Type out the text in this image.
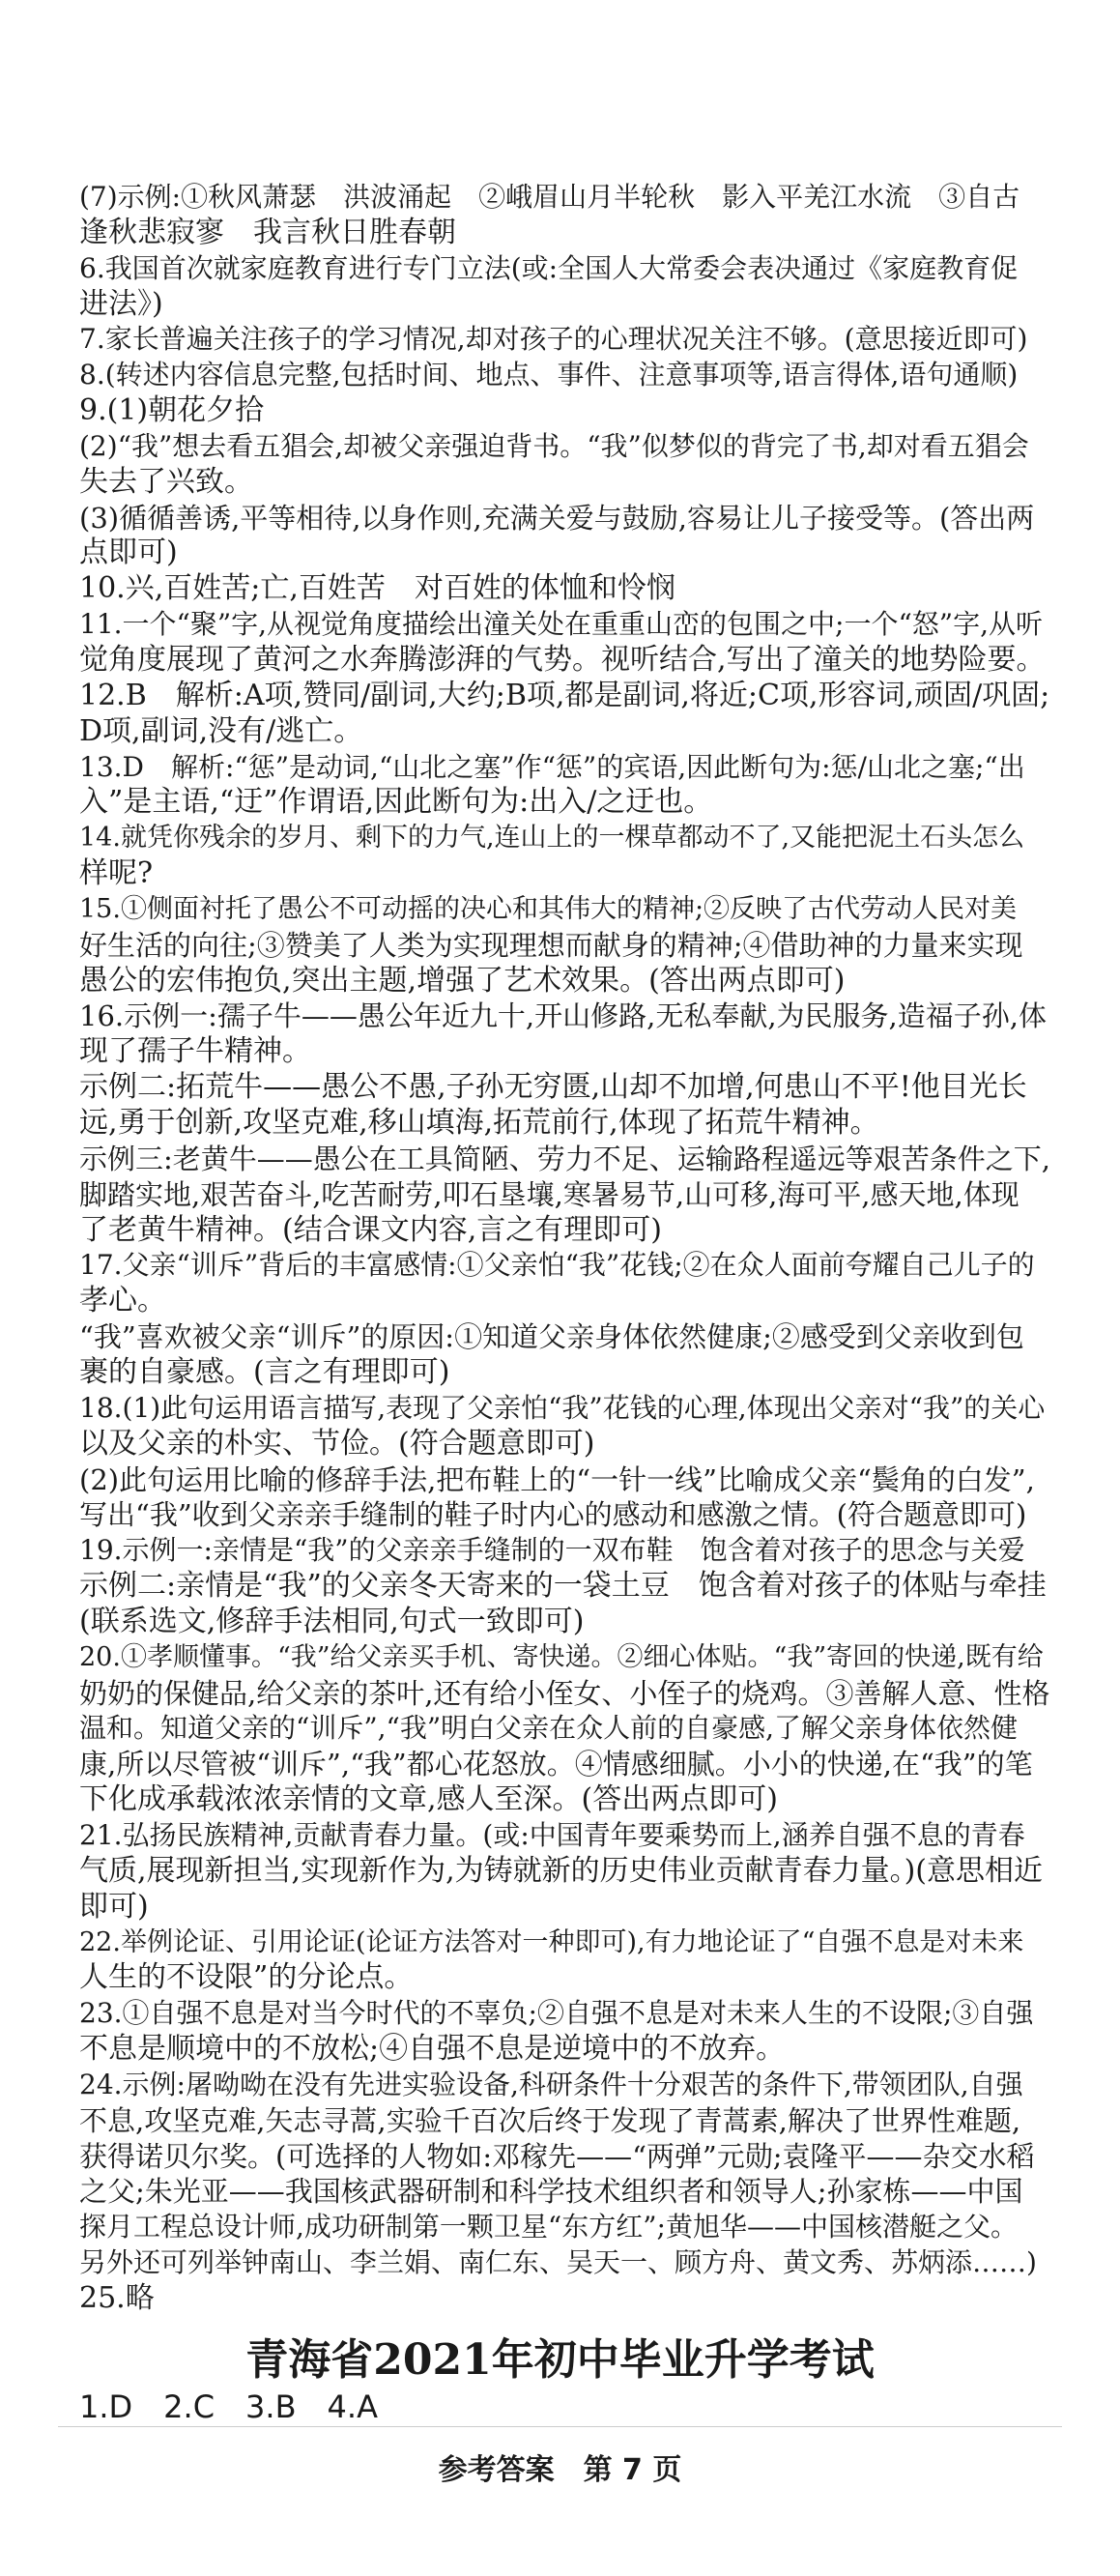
(7)示例:①秋风萧瑟　洪波涌起　②峨眉山月半轮秋　影入平羌江水流　③自古
逢秋悲寂寥　我言秋日胜春朝
6.我国首次就家庭教育进行专门立法(或:全国人大常委会表决通过《家庭教育促
进法》)
7.家长普遍关注孩子的学习情况,却对孩子的心理状况关注不够。(意思接近即可)
8.(转述内容信息完整,包括时间、地点、事件、注意事项等,语言得体,语句通顺)
9.(1)朝花夕拾
(2)“我”想去看五猖会,却被父亲强迫背书。“我”似梦似的背完了书,却对看五猖会
失去了兴致。
(3)循循善诱,平等相待,以身作则,充满关爱与鼓励,容易让儿子接受等。(答出两
点即可)
10.兴,百姓苦;亡,百姓苦　对百姓的体恤和怜悯
11.一个“聚”字,从视觉角度描绘出潼关处在重重山峦的包围之中;一个“怒”字,从听
觉角度展现了黄河之水奔腾澎湃的气势。视听结合,写出了潼关的地势险要。
12.B　解析:A项,赞同/副词,大约;B项,都是副词,将近;C项,形容词,顽固/巩固;
D项,副词,没有/逃亡。
13.D　解析:“惩”是动词,“山北之塞”作“惩”的宾语,因此断句为:惩/山北之塞;“出
入”是主语,“迂”作谓语,因此断句为:出入/之迂也。
14.就凭你残余的岁月、剩下的力气,连山上的一棵草都动不了,又能把泥土石头怎么
样呢?
15.①侧面衬托了愚公不可动摇的决心和其伟大的精神;②反映了古代劳动人民对美
好生活的向往;③赞美了人类为实现理想而献身的精神;④借助神的力量来实现
愚公的宏伟抱负,突出主题,增强了艺术效果。(答出两点即可)
16.示例一:孺子牛——愚公年近九十,开山修路,无私奉献,为民服务,造福子孙,体
现了孺子牛精神。
示例二:拓荒牛——愚公不愚,子孙无穷匮,山却不加增,何患山不平!他目光长
远,勇于创新,攻坚克难,移山填海,拓荒前行,体现了拓荒牛精神。
示例三:老黄牛——愚公在工具简陋、劳力不足、运输路程遥远等艰苦条件之下,
脚踏实地,艰苦奋斗,吃苦耐劳,叩石垦壤,寒暑易节,山可移,海可平,感天地,体现
了老黄牛精神。(结合课文内容,言之有理即可)
17.父亲“训斥”背后的丰富感情:①父亲怕“我”花钱;②在众人面前夸耀自己儿子的
孝心。
“我”喜欢被父亲“训斥”的原因:①知道父亲身体依然健康;②感受到父亲收到包
裹的自豪感。(言之有理即可)
18.(1)此句运用语言描写,表现了父亲怕“我”花钱的心理,体现出父亲对“我”的关心
以及父亲的朴实、节俭。(符合题意即可)
(2)此句运用比喻的修辞手法,把布鞋上的“一针一线”比喻成父亲“鬓角的白发”,
写出“我”收到父亲亲手缝制的鞋子时内心的感动和感激之情。(符合题意即可)
19.示例一:亲情是“我”的父亲亲手缝制的一双布鞋　饱含着对孩子的思念与关爱
示例二:亲情是“我”的父亲冬天寄来的一袋土豆　饱含着对孩子的体贴与牵挂
(联系选文,修辞手法相同,句式一致即可)
20.①孝顺懂事。“我”给父亲买手机、寄快递。②细心体贴。“我”寄回的快递,既有给
奶奶的保健品,给父亲的茶叶,还有给小侄女、小侄子的烧鸡。③善解人意、性格
温和。知道父亲的“训斥”,“我”明白父亲在众人前的自豪感,了解父亲身体依然健
康,所以尽管被“训斥”,“我”都心花怒放。④情感细腻。小小的快递,在“我”的笔
下化成承载浓浓亲情的文章,感人至深。(答出两点即可)
21.弘扬民族精神,贡献青春力量。(或:中国青年要乘势而上,涵养自强不息的青春
气质,展现新担当,实现新作为,为铸就新的历史伟业贡献青春力量。)(意思相近
即可)
22.举例论证、引用论证(论证方法答对一种即可),有力地论证了“自强不息是对未来
人生的不设限”的分论点。
23.①自强不息是对当今时代的不辜负;②自强不息是对未来人生的不设限;③自强
不息是顺境中的不放松;④自强不息是逆境中的不放弃。
24.示例:屠呦呦在没有先进实验设备,科研条件十分艰苦的条件下,带领团队,自强
不息,攻坚克难,矢志寻蒿,实验千百次后终于发现了青蒿素,解决了世界性难题,
获得诺贝尔奖。(可选择的人物如:邓稼先——“两弹”元勋;袁隆平——杂交水稻
之父;朱光亚——我国核武器研制和科学技术组织者和领导人;孙家栋——中国
探月工程总设计师,成功研制第一颗卫星“东方红”;黄旭华——中国核潜艇之父。
另外还可列举钟南山、李兰娟、南仁东、吴天一、顾方舟、黄文秀、苏炳添……)
25.略
青海省2021年初中毕业升学考试
1.D　2.C　3.B　4.A
参考答案　第 7 页
